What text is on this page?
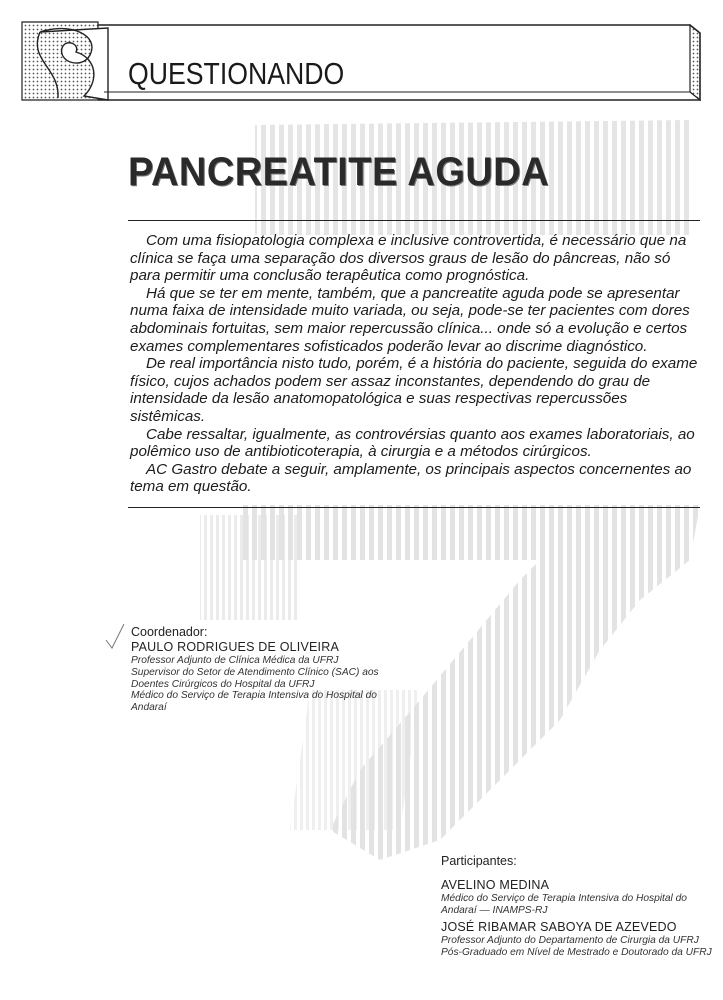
QUESTIONANDO
PANCREATITE AGUDA

Com uma fisiopatologia complexa e inclusive controvertida, é necessário que na clínica se faça uma separação dos diversos graus de lesão do pâncreas, não só para permitir uma conclusão terapêutica como prognóstica.

Há que se ter em mente, também, que a pancreatite aguda pode se apresentar numa faixa de intensidade muito variada, ou seja, pode-se ter pacientes com dores abdominais fortuitas, sem maior repercussão clínica... onde só a evolução e certos exames complementares sofisticados poderão levar ao discrime diagnóstico.

De real importância nisto tudo, porém, é a história do paciente, seguida do exame físico, cujos achados podem ser assaz inconstantes, dependendo do grau de intensidade da lesão anatomopatológica e suas respectivas repercussões sistêmicas.

Cabe ressaltar, igualmente, as controvérsias quanto aos exames laboratoriais, ao polêmico uso de antibioticoterapia, à cirurgia e a métodos cirúrgicos.

AC Gastro debate a seguir, amplamente, os principais aspectos concernentes ao tema em questão.

Coordenador:
PAULO RODRIGUES DE OLIVEIRA
Professor Adjunto de Clínica Médica da UFRJ
Supervisor do Setor de Atendimento Clínico (SAC) aos
Doentes Cirúrgicos do Hospital da UFRJ
Médico do Serviço de Terapia Intensiva do Hospital do
Andaraí
Participantes:
AVELINO MEDINA
Médico do Serviço de Terapia Intensiva do Hospital do
Andaraí — INAMPS-RJ
JOSÉ RIBAMAR SABOYA DE AZEVEDO
Professor Adjunto do Departamento de Cirurgia da UFRJ
Pós-Graduado em Nível de Mestrado e Doutorado da UFRJ
